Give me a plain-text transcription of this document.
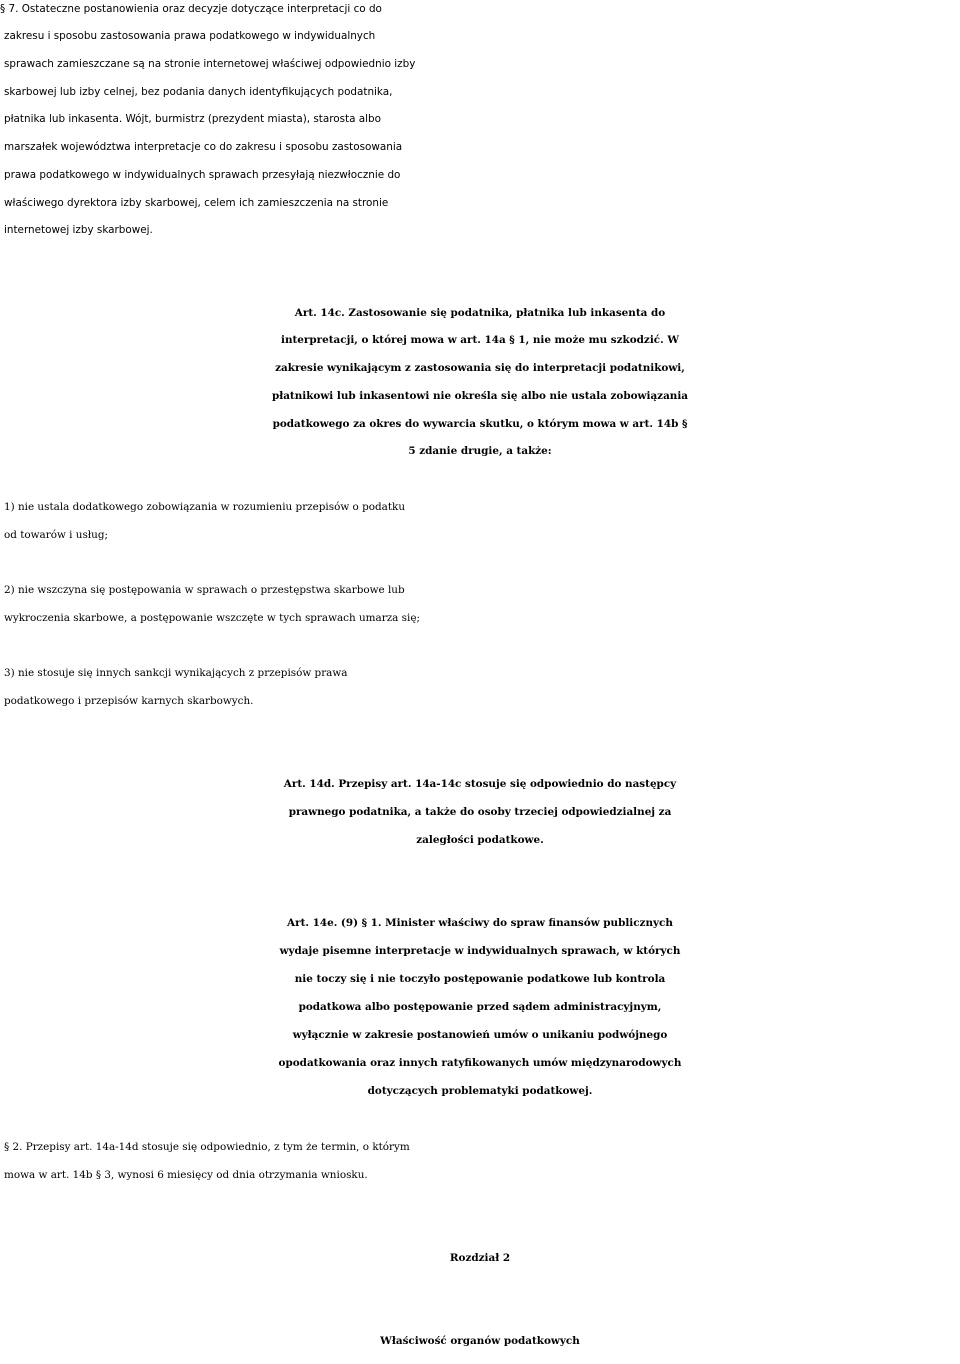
§ 7. Ostateczne postanowienia oraz decyzje dotyczące interpretacji co do
zakresu i sposobu zastosowania prawa podatkowego w indywidualnych
sprawach zamieszczane są na stronie internetowej właściwej odpowiednio izby
skarbowej lub izby celnej, bez podania danych identyfikujących podatnika,
płatnika lub inkasenta. Wójt, burmistrz (prezydent miasta), starosta albo
marszałek województwa interpretacje co do zakresu i sposobu zastosowania
prawa podatkowego w indywidualnych sprawach przesyłają niezwłocznie do
właściwego dyrektora izby skarbowej, celem ich zamieszczenia na stronie
internetowej izby skarbowej.
Art. 14c. Zastosowanie się podatnika, płatnika lub inkasenta do
interpretacji, o której mowa w art. 14a § 1, nie może mu szkodzić. W
zakresie wynikającym z zastosowania się do interpretacji podatnikowi,
płatnikowi lub inkasentowi nie określa się albo nie ustala zobowiązania
podatkowego za okres do wywarcia skutku, o którym mowa w art. 14b §
5 zdanie drugie, a także:
1) nie ustala dodatkowego zobowiązania w rozumieniu przepisów o podatku
od towarów i usług;
2) nie wszczyna się postępowania w sprawach o przestępstwa skarbowe lub
wykroczenia skarbowe, a postępowanie wszczęte w tych sprawach umarza się;
3) nie stosuje się innych sankcji wynikających z przepisów prawa
podatkowego i przepisów karnych skarbowych.
Art. 14d. Przepisy art. 14a-14c stosuje się odpowiednio do następcy
prawnego podatnika, a także do osoby trzeciej odpowiedzialnej za
zaległości podatkowe.
Art. 14e. (9) § 1. Minister właściwy do spraw finansów publicznych
wydaje pisemne interpretacje w indywidualnych sprawach, w których
nie toczy się i nie toczyło postępowanie podatkowe lub kontrola
podatkowa albo postępowanie przed sądem administracyjnym,
wyłącznie w zakresie postanowień umów o unikaniu podwójnego
opodatkowania oraz innych ratyfikowanych umów międzynarodowych
dotyczących problematyki podatkowej.
§ 2. Przepisy art. 14a-14d stosuje się odpowiednio, z tym że termin, o którym
mowa w art. 14b § 3, wynosi 6 miesięcy od dnia otrzymania wniosku.
Rozdział 2
Właściwość organów podatkowych
